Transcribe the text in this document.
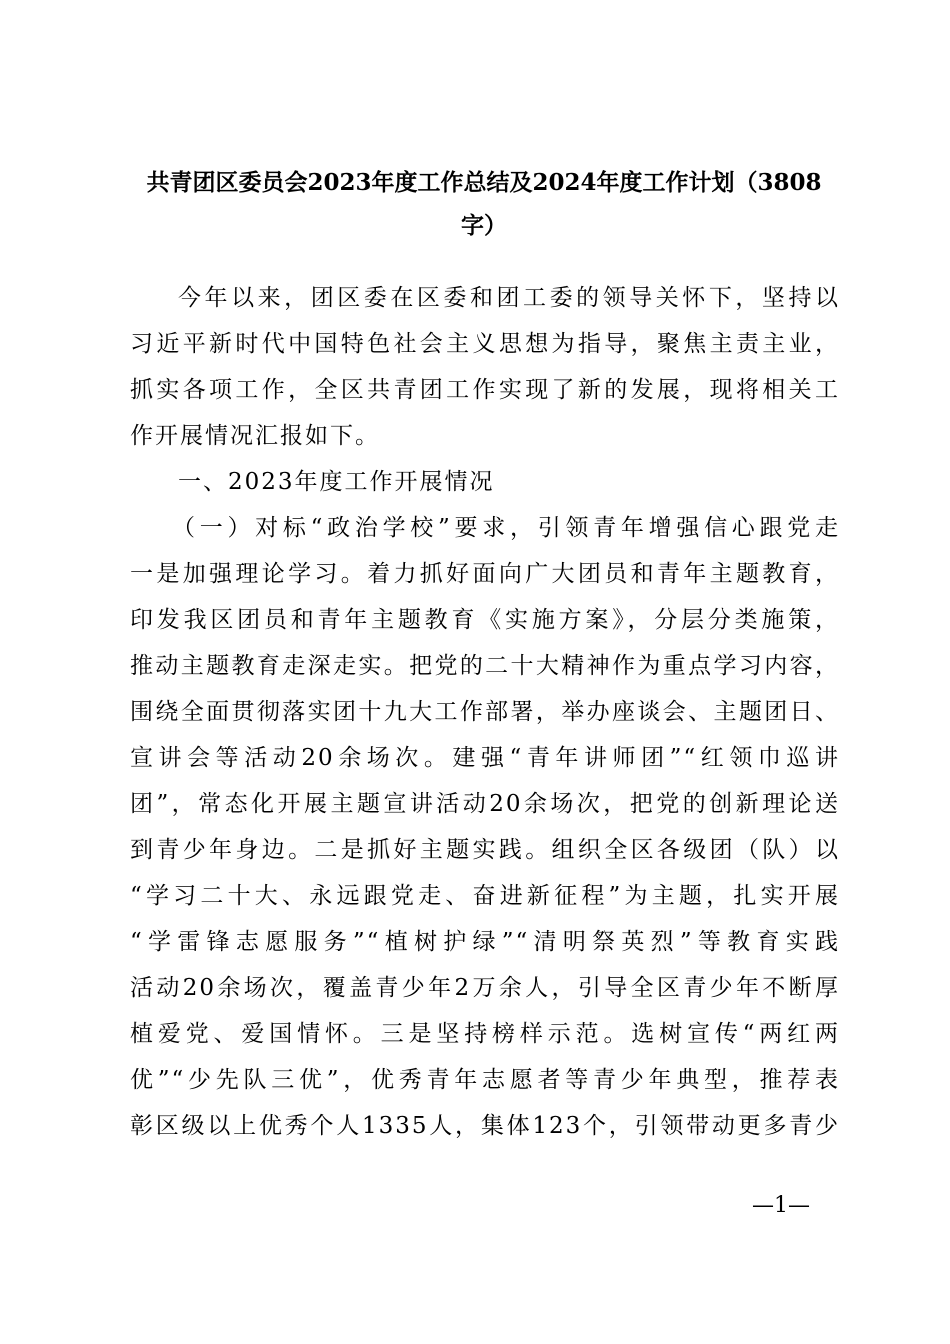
共青团区委员会2023年度工作总结及2024年度工作计划（3808
字）
今年以来，团区委在区委和团工委的领导关怀下，坚持以
习近平新时代中国特色社会主义思想为指导，聚焦主责主业，
抓实各项工作，全区共青团工作实现了新的发展，现将相关工
作开展情况汇报如下。
一、2023年度工作开展情况
（一）对标“政治学校”要求，引领青年增强信心跟党走
一是加强理论学习。着力抓好面向广大团员和青年主题教育，
印发我区团员和青年主题教育《实施方案》，分层分类施策，
推动主题教育走深走实。把党的二十大精神作为重点学习内容，
围绕全面贯彻落实团十九大工作部署，举办座谈会、主题团日、
宣讲会等活动20余场次。建强“青年讲师团”“红领巾巡讲
团”，常态化开展主题宣讲活动20余场次，把党的创新理论送
到青少年身边。二是抓好主题实践。组织全区各级团（队）以
“学习二十大、永远跟党走、奋进新征程”为主题，扎实开展
“学雷锋志愿服务”“植树护绿”“清明祭英烈”等教育实践
活动20余场次，覆盖青少年2万余人，引导全区青少年不断厚
植爱党、爱国情怀。三是坚持榜样示范。选树宣传“两红两
优”“少先队三优”，优秀青年志愿者等青少年典型，推荐表
彰区级以上优秀个人1335人，集体123个，引领带动更多青少
—1—
